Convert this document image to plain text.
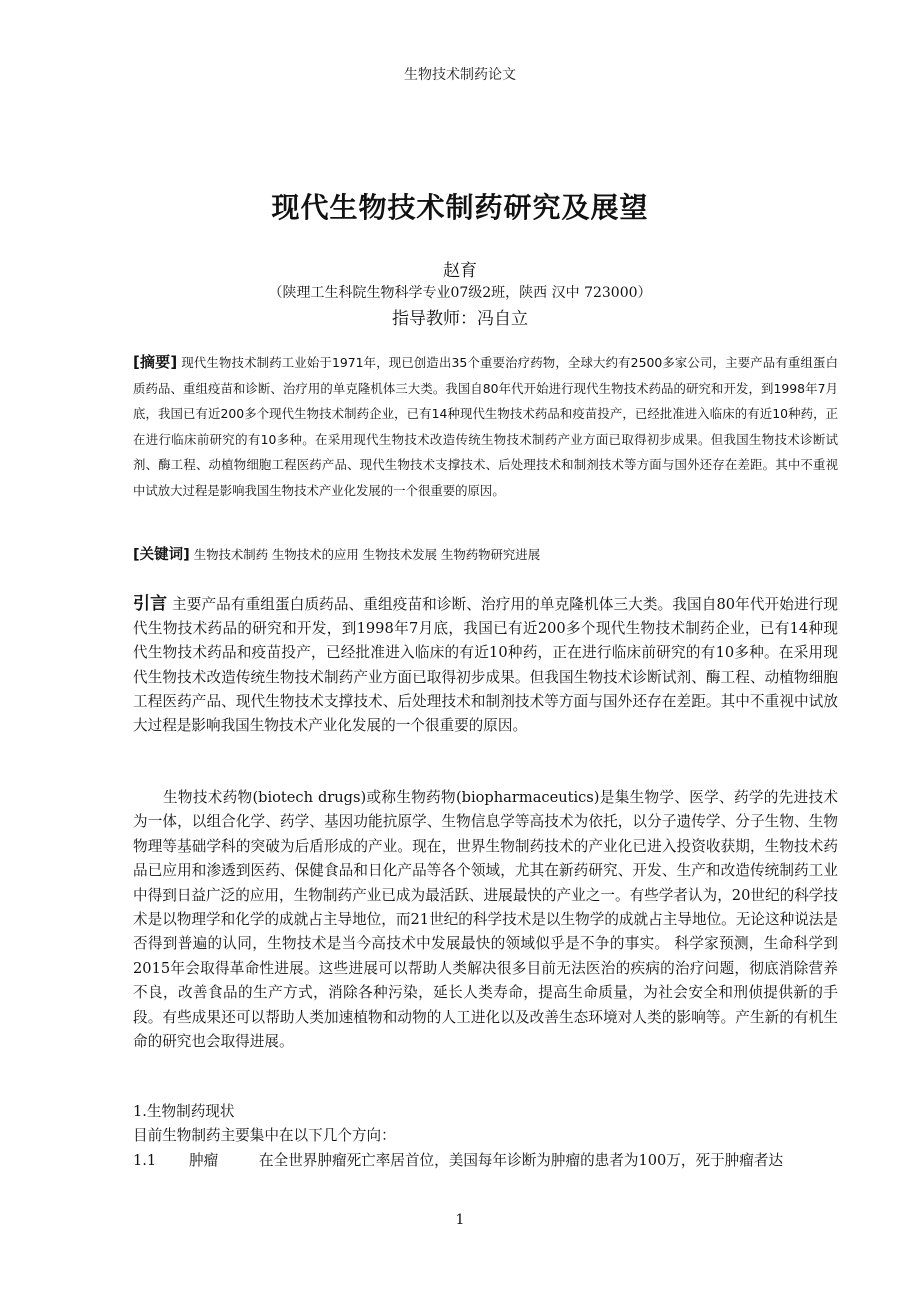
生物技术制药论文
现代生物技术制药研究及展望
赵育
（陕理工生科院生物科学专业07级2班，陕西 汉中 723000）
指导教师：冯自立
[摘要] 现代生物技术制药工业始于1971年，现已创造出35个重要治疗药物，全球大约有2500多家公司，主要产品有重组蛋白质药品、重组疫苗和诊断、治疗用的单克隆机体三大类。我国自80年代开始进行现代生物技术药品的研究和开发，到1998年7月底，我国已有近200多个现代生物技术制药企业，已有14种现代生物技术药品和疫苗投产，已经批准进入临床的有近10种药，正在进行临床前研究的有10多种。在采用现代生物技术改造传统生物技术制药产业方面已取得初步成果。但我国生物技术诊断试剂、酶工程、动植物细胞工程医药产品、现代生物技术支撑技术、后处理技术和制剂技术等方面与国外还存在差距。其中不重视中试放大过程是影响我国生物技术产业化发展的一个很重要的原因。
[关键词] 生物技术制药 生物技术的应用 生物技术发展 生物药物研究进展
引言 主要产品有重组蛋白质药品、重组疫苗和诊断、治疗用的单克隆机体三大类。我国自80年代开始进行现代生物技术药品的研究和开发，到1998年7月底，我国已有近200多个现代生物技术制药企业，已有14种现代生物技术药品和疫苗投产，已经批准进入临床的有近10种药，正在进行临床前研究的有10多种。在采用现代生物技术改造传统生物技术制药产业方面已取得初步成果。但我国生物技术诊断试剂、酶工程、动植物细胞工程医药产品、现代生物技术支撑技术、后处理技术和制剂技术等方面与国外还存在差距。其中不重视中试放大过程是影响我国生物技术产业化发展的一个很重要的原因。
生物技术药物(biotech drugs)或称生物药物(biopharmaceutics)是集生物学、医学、药学的先进技术为一体，以组合化学、药学、基因功能抗原学、生物信息学等高技术为依托，以分子遗传学、分子生物、生物物理等基础学科的突破为后盾形成的产业。现在，世界生物制药技术的产业化已进入投资收获期，生物技术药品已应用和渗透到医药、保健食品和日化产品等各个领域，尤其在新药研究、开发、生产和改造传统制药工业中得到日益广泛的应用，生物制药产业已成为最活跃、进展最快的产业之一。有些学者认为，20世纪的科学技术是以物理学和化学的成就占主导地位，而21世纪的科学技术是以生物学的成就占主导地位。无论这种说法是否得到普遍的认同，生物技术是当今高技术中发展最快的领域似乎是不争的事实。 科学家预测，生命科学到2015年会取得革命性进展。这些进展可以帮助人类解决很多目前无法医治的疾病的治疗问题，彻底消除营养不良，改善食品的生产方式，消除各种污染，延长人类寿命，提高生命质量，为社会安全和刑侦提供新的手段。有些成果还可以帮助人类加速植物和动物的人工进化以及改善生态环境对人类的影响等。产生新的有机生命的研究也会取得进展。
1.生物制药现状
目前生物制药主要集中在以下几个方向：
1.1	肿瘤	在全世界肿瘤死亡率居首位，美国每年诊断为肿瘤的患者为100万，死于肿瘤者达
1
